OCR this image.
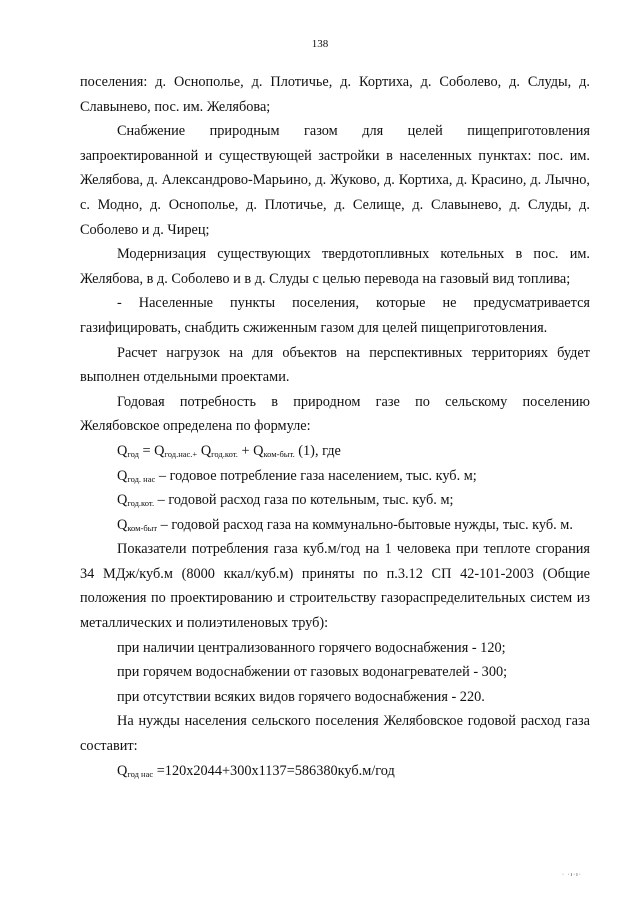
138

поселения: д. Оснополье, д. Плотичье, д. Кортиха, д. Соболево, д. Слуды, д. Славынево, пос. им. Желябова;

Снабжение природным газом для целей пищеприготовления запроектированной и существующей застройки в населенных пунктах: пос. им. Желябова, д. Александрово-Марьино, д. Жуково, д. Кортиха, д. Красино, д. Лычно, с. Модно, д. Оснополье, д. Плотичье, д. Селище, д. Славынево, д. Слуды, д. Соболево и д. Чирец;

Модернизация существующих твердотопливных котельных в пос. им. Желябова, в д. Соболево и в д. Слуды с целью перевода на газовый вид топлива;

- Населенные пункты поселения, которые не предусматривается газифицировать, снабдить сжиженным газом для целей пищеприготовления.

Расчет нагрузок на для объектов на перспективных территориях будет выполнен отдельными проектами.

Годовая потребность в природном газе по сельскому поселению Желябовское определена по формуле:

$Q_{год} = Q_{год.нас.+}$ $Q_{год.кот.} + Q_{ком-быт.}$ (1), где

$Q_{год. нас}$ – годовое потребление газа населением, тыс. куб. м;

$Q_{год.кот.}$ – годовой расход газа по котельным, тыс. куб. м;

$Q_{ком-быт}$ – годовой расход газа на коммунально-бытовые нужды, тыс. куб. м.

Показатели потребления газа куб.м/год на 1 человека при теплоте сгорания 34 МДж/куб.м (8000 ккал/куб.м) приняты по п.3.12 СП 42-101-2003 (Общие положения по проектированию и строительству газораспределительных систем из металлических и полиэтиленовых труб):

при наличии централизованного горячего водоснабжения - 120;

при горячем водоснабжении от газовых водонагревателей - 300;

при отсутствии всяких видов горячего водоснабжения - 220.

На нужды населения сельского поселения Желябовское годовой расход газа составит:

$Q_{год нас} =120х2044+300х1137=586380куб.м/год$

· ·ı·ı·
